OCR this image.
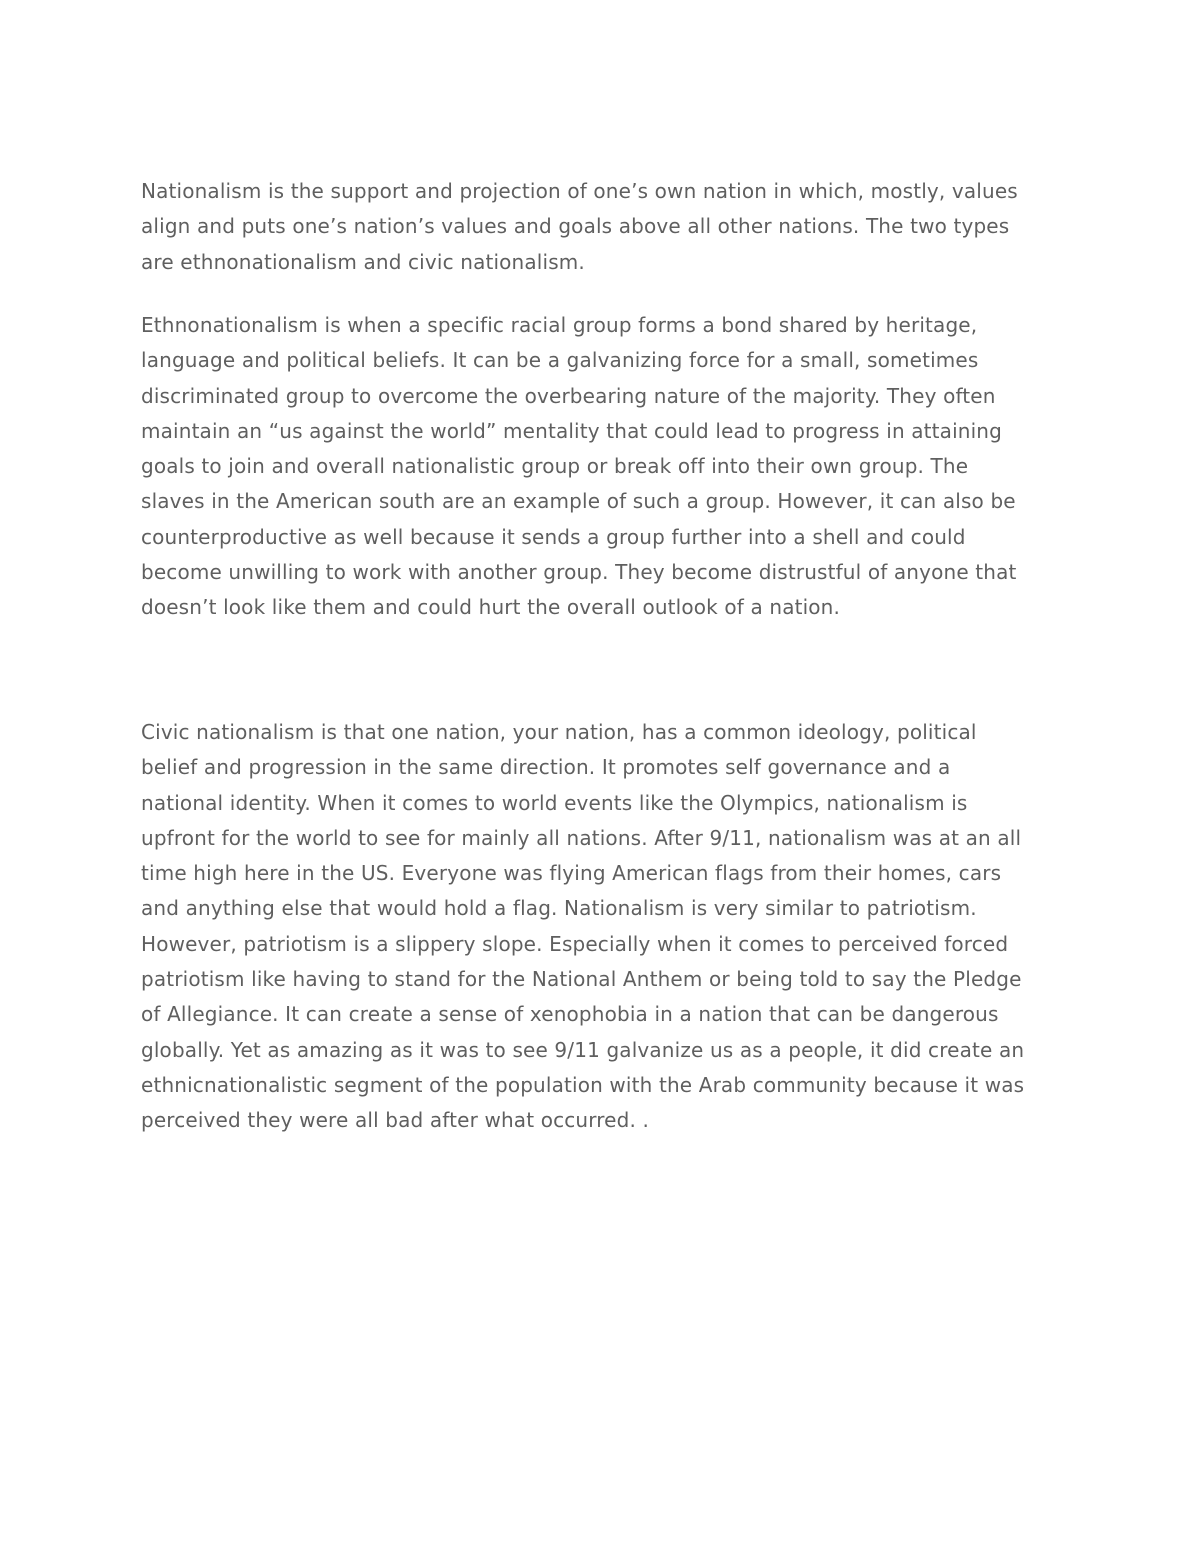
Nationalism is the support and projection of one’s own nation in which, mostly, values
align and puts one’s nation’s values and goals above all other nations. The two types
are ethnonationalism and civic nationalism.

Ethnonationalism is when a specific racial group forms a bond shared by heritage,
language and political beliefs. It can be a galvanizing force for a small, sometimes
discriminated group to overcome the overbearing nature of the majority. They often
maintain an “us against the world” mentality that could lead to progress in attaining
goals to join and overall nationalistic group or break off into their own group. The
slaves in the American south are an example of such a group. However, it can also be
counterproductive as well because it sends a group further into a shell and could
become unwilling to work with another group. They become distrustful of anyone that
doesn’t look like them and could hurt the overall outlook of a nation.

Civic nationalism is that one nation, your nation, has a common ideology, political
belief and progression in the same direction. It promotes self governance and a
national identity. When it comes to world events like the Olympics, nationalism is
upfront for the world to see for mainly all nations. After 9/11, nationalism was at an all
time high here in the US. Everyone was flying American flags from their homes, cars
and anything else that would hold a flag. Nationalism is very similar to patriotism.
However, patriotism is a slippery slope. Especially when it comes to perceived forced
patriotism like having to stand for the National Anthem or being told to say the Pledge
of Allegiance. It can create a sense of xenophobia in a nation that can be dangerous
globally. Yet as amazing as it was to see 9/11 galvanize us as a people, it did create an
ethnicnationalistic segment of the population with the Arab community because it was
perceived they were all bad after what occurred. .
